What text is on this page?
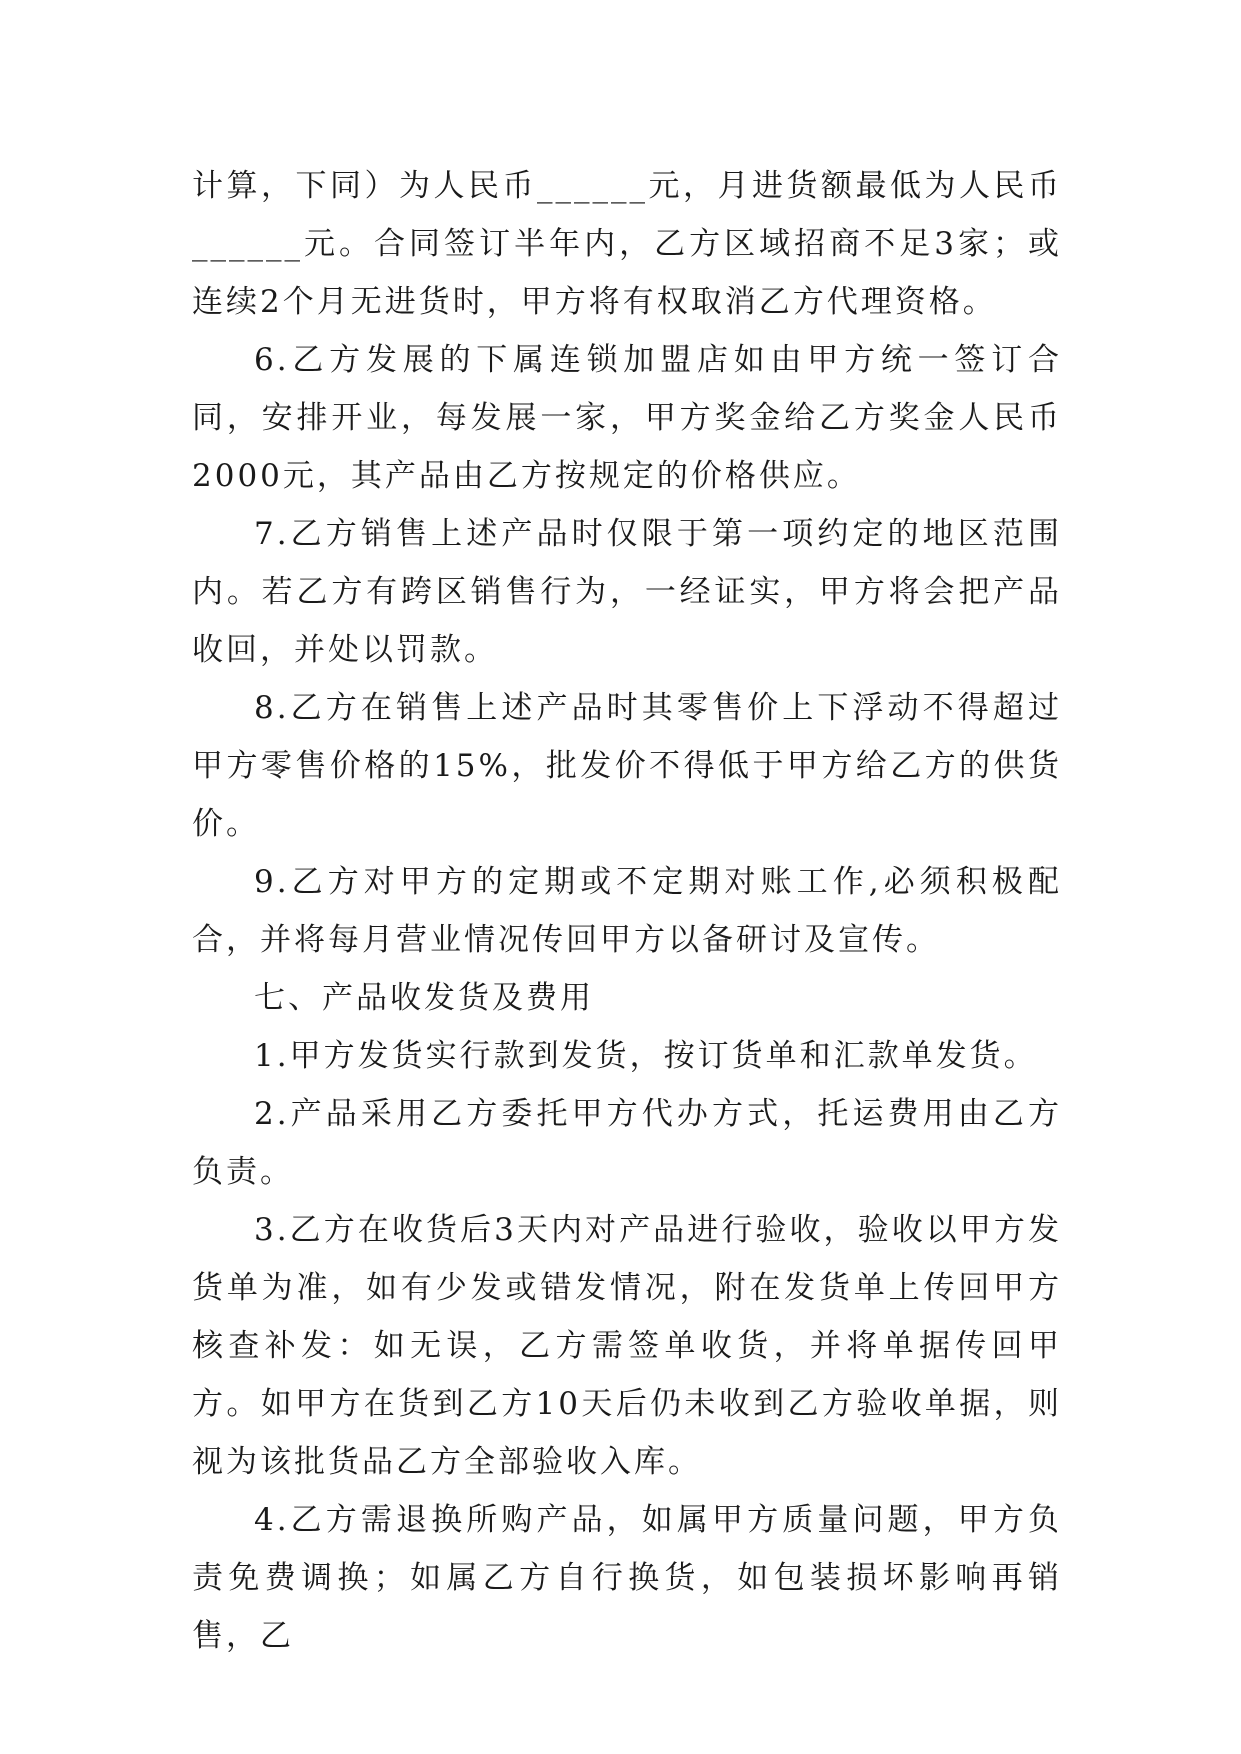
计算，下同）为人民币______元，月进货额最低为人民币______元。合同签订半年内，乙方区域招商不足3家；或连续2个月无进货时，甲方将有权取消乙方代理资格。

6.乙方发展的下属连锁加盟店如由甲方统一签订合同，安排开业，每发展一家，甲方奖金给乙方奖金人民币2000元，其产品由乙方按规定的价格供应。

7.乙方销售上述产品时仅限于第一项约定的地区范围内。若乙方有跨区销售行为，一经证实，甲方将会把产品收回，并处以罚款。

8.乙方在销售上述产品时其零售价上下浮动不得超过甲方零售价格的15%，批发价不得低于甲方给乙方的供货价。

9.乙方对甲方的定期或不定期对账工作,必须积极配合，并将每月营业情况传回甲方以备研讨及宣传。

七、产品收发货及费用

1.甲方发货实行款到发货，按订货单和汇款单发货。

2.产品采用乙方委托甲方代办方式，托运费用由乙方负责。

3.乙方在收货后3天内对产品进行验收，验收以甲方发货单为准，如有少发或错发情况，附在发货单上传回甲方核查补发：如无误，乙方需签单收货，并将单据传回甲方。如甲方在货到乙方10天后仍未收到乙方验收单据，则视为该批货品乙方全部验收入库。

4.乙方需退换所购产品，如属甲方质量问题，甲方负责免费调换；如属乙方自行换货，如包装损坏影响再销售，乙
